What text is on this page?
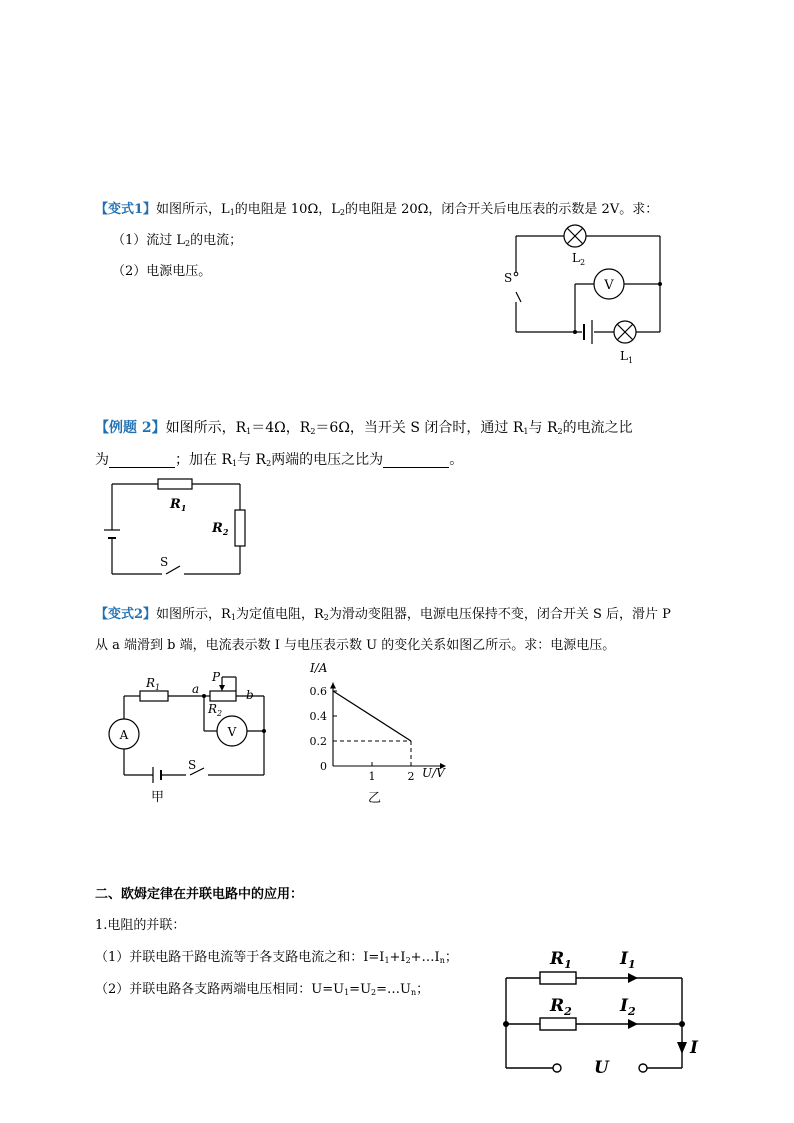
【变式1】如图所示，$L_1$的电阻是 10Ω，$L_2$的电阻是 20Ω，闭合开关后电压表的示数是 2V。求：
（1）流过 $L_2$的电流；
（2）电源电压。
V
S
$L_2$
$L_1$
【例题 2】如图所示，$R_1=4\Omega$，$R_2=6\Omega$，当开关 S 闭合时，通过 $R_1$与 $R_2$的电流之比
为	；加在 $R_1$与 $R_2$两端的电压之比为	。
$R_1$
$R_2$
S
【变式2】如图所示，$R_1$为定值电阻，$R_2$为滑动变阻器，电源电压保持不变，闭合开关 S 后，滑片 P
从 a 端滑到 b 端，电流表示数 I 与电压表示数 U 的变化关系如图乙所示。求：电源电压。
A	V
$R_1$
$R_2$
P
a	b
S
甲
0
0.2
0.4
0.6
1	2
I/A
U/V
乙
二、欧姆定律在并联电路中的应用：
1.电阻的并联：
（1）并联电路干路电流等于各支路电流之和：$I=I_1+I_2+\dots I_n$；
（2）并联电路各支路两端电压相同：$U=U_1=U_2=\dots U_n$；
$R_1$
$R_2$
$I_1$
$I_2$
I
U
